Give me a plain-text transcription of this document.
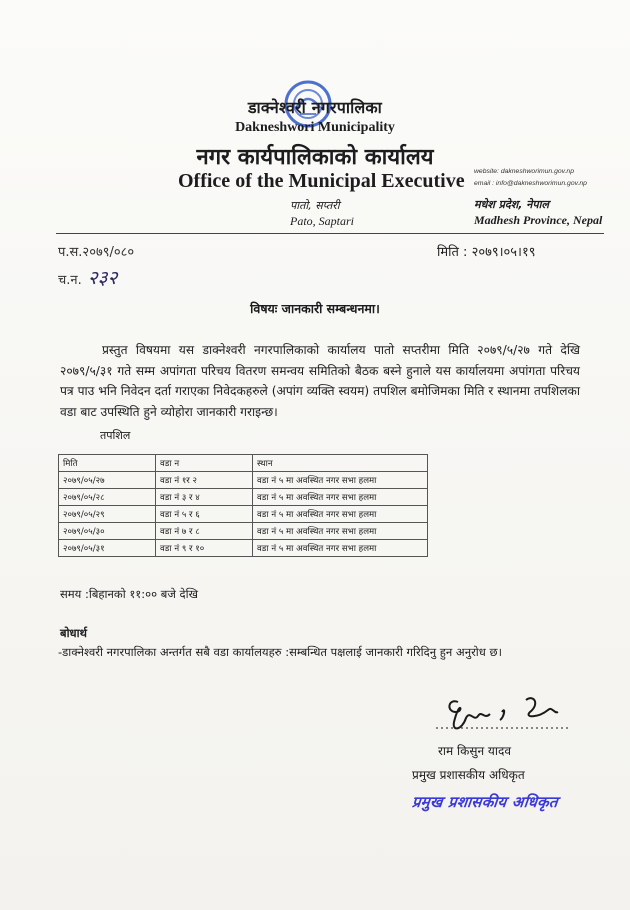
डाक्नेश्वरी नगरपालिका
Dakneshwori Municipality
नगर कार्यपालिकाको कार्यालय
Office of the Municipal Executive website: dakneshworimun.gov.np
email : info@dakneshworimun.gov.np
पातो, सप्तरी
Pato, Saptari
मधेश प्रदेश, नेपाल
Madhesh Province, Nepal
प.स.२०७९/०८०
च.न. २३२
मिति : २०७९।०५।१९
विषयः जानकारी सम्बन्धनमा।
प्रस्तुत विषयमा यस डाक्नेश्वरी नगरपालिकाको कार्यालय पातो सप्तरीमा मिति २०७९/५/२७ गते देखि २०७९/५/३१ गते सम्म अपांगता परिचय वितरण समन्वय समितिको बैठक बस्ने हुनाले यस कार्यालयमा अपांगता परिचय पत्र पाउ भनि निवेदन दर्ता गराएका निवेदकहरुले (अपांग व्यक्ति स्वयम) तपशिल बमोजिमका मिति र स्थानमा तपशिलका वडा बाट उपस्थिति हुने व्योहोरा जानकारी गराइन्छ।
तपशिल
मिति	वडा न	स्थान
२०७९/०५/२७	वडा नं १र २	वडा नं ५ मा अवस्थित नगर सभा हलमा
२०७९/०५/२८	वडा नं ३ र ४	वडा नं ५ मा अवस्थित नगर सभा हलमा
२०७९/०५/२९	वडा नं ५ र ६	वडा नं ५ मा अवस्थित नगर सभा हलमा
२०७९/०५/३०	वडा नं ७ र ८	वडा नं ५ मा अवस्थित नगर सभा हलमा
२०७९/०५/३१	वडा नं ९ र १०	वडा नं ५ मा अवस्थित नगर सभा हलमा
समय :बिहानको ११:०० बजे देखि
बोधार्थ
-डाक्नेश्वरी नगरपालिका अन्तर्गत सबै वडा कार्यालयहरु :सम्बन्धित पक्षलाई जानकारी गरिदिनु हुन अनुरोध छ।
राम किसुन यादव
प्रमुख प्रशासकीय अधिकृत
प्रमुख प्रशासकीय अधिकृत
